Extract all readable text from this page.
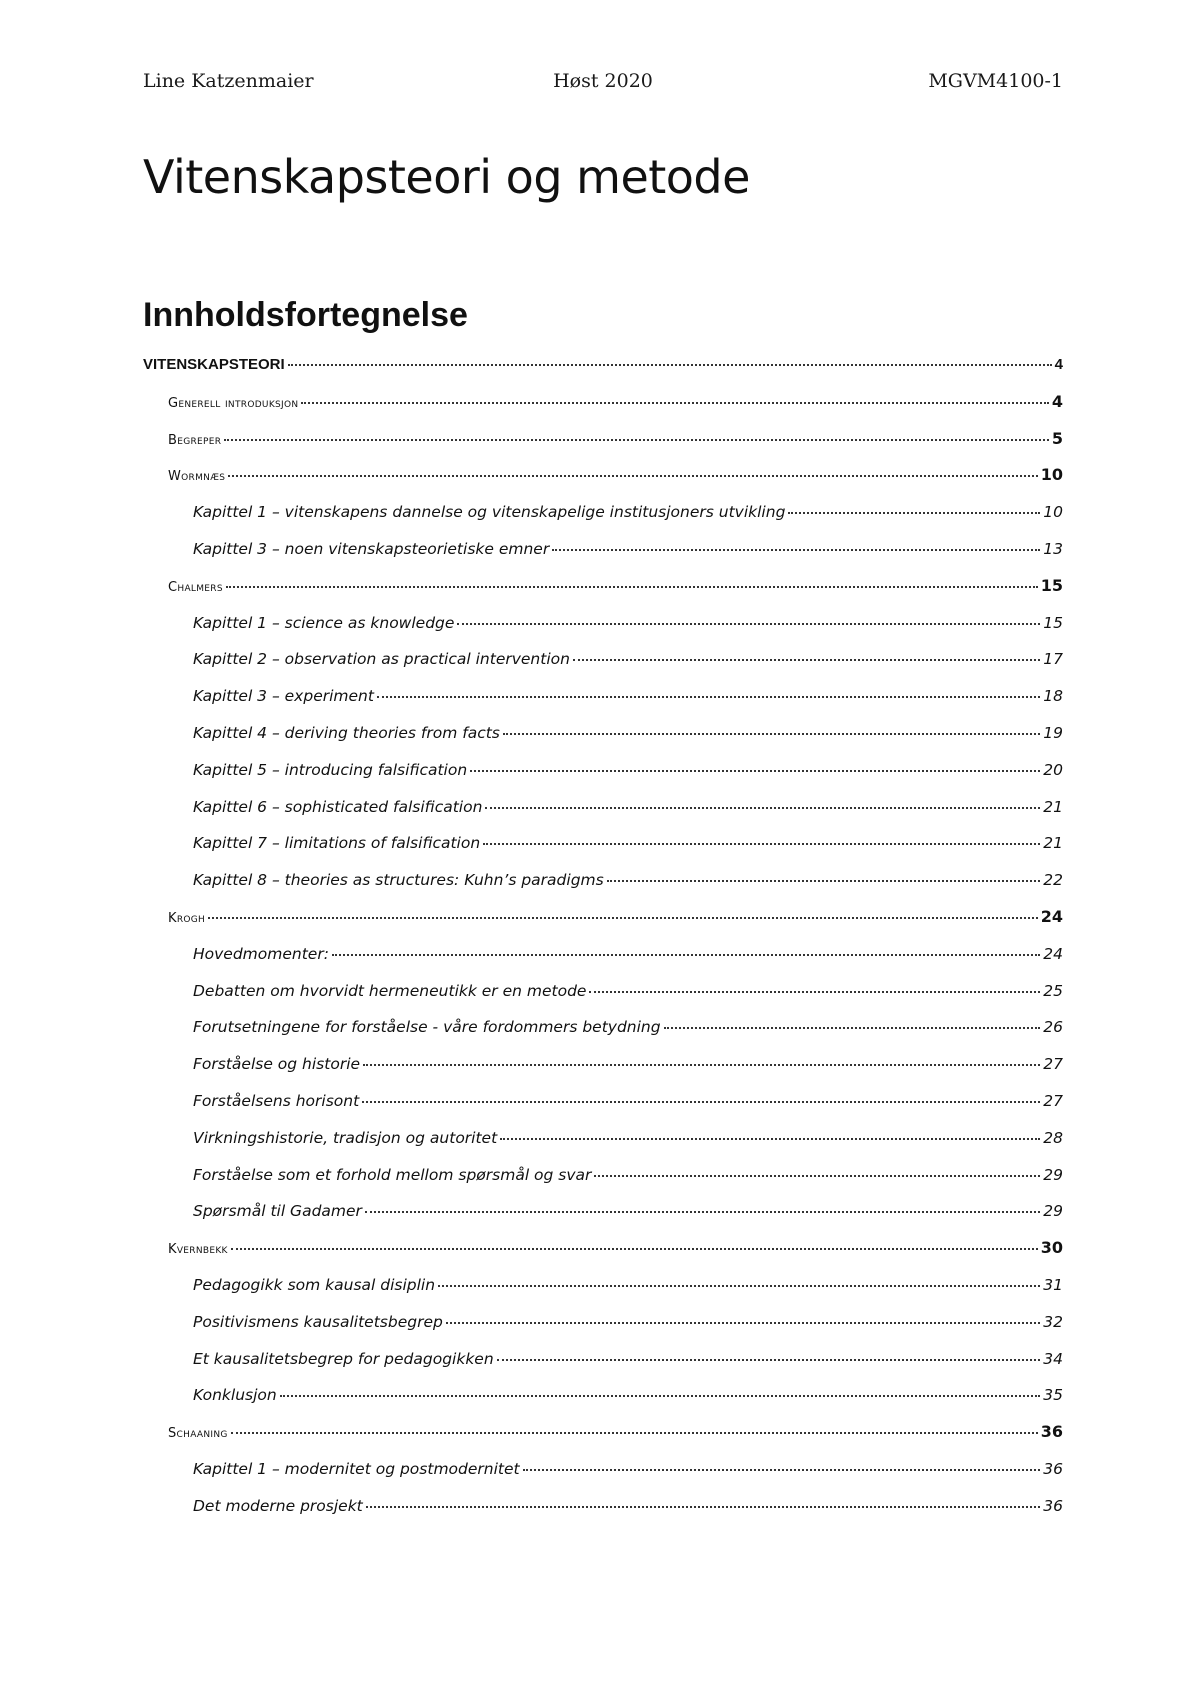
Line Katzenmaier	Høst 2020	MGVM4100-1
Vitenskapsteori og metode
Innholdsfortegnelse
VITENSKAPSTEORI	4
Generell introduksjon	4
Begreper	5
Wormnæs	10
Kapittel 1 – vitenskapens dannelse og vitenskapelige institusjoners utvikling	10
Kapittel 3 – noen vitenskapsteorietiske emner	13
Chalmers	15
Kapittel 1 – science as knowledge	15
Kapittel 2 – observation as practical intervention	17
Kapittel 3 – experiment	18
Kapittel 4 – deriving theories from facts	19
Kapittel 5 – introducing falsification	20
Kapittel 6 – sophisticated falsification	21
Kapittel 7 – limitations of falsification	21
Kapittel 8 – theories as structures: Kuhn’s paradigms	22
Krogh	24
Hovedmomenter:	24
Debatten om hvorvidt hermeneutikk er en metode	25
Forutsetningene for forståelse - våre fordommers betydning	26
Forståelse og historie	27
Forståelsens horisont	27
Virkningshistorie, tradisjon og autoritet	28
Forståelse som et forhold mellom spørsmål og svar	29
Spørsmål til Gadamer	29
Kvernbekk	30
Pedagogikk som kausal disiplin	31
Positivismens kausalitetsbegrep	32
Et kausalitetsbegrep for pedagogikken	34
Konklusjon	35
Schaaning	36
Kapittel 1 – modernitet og postmodernitet	36
Det moderne prosjekt	36
